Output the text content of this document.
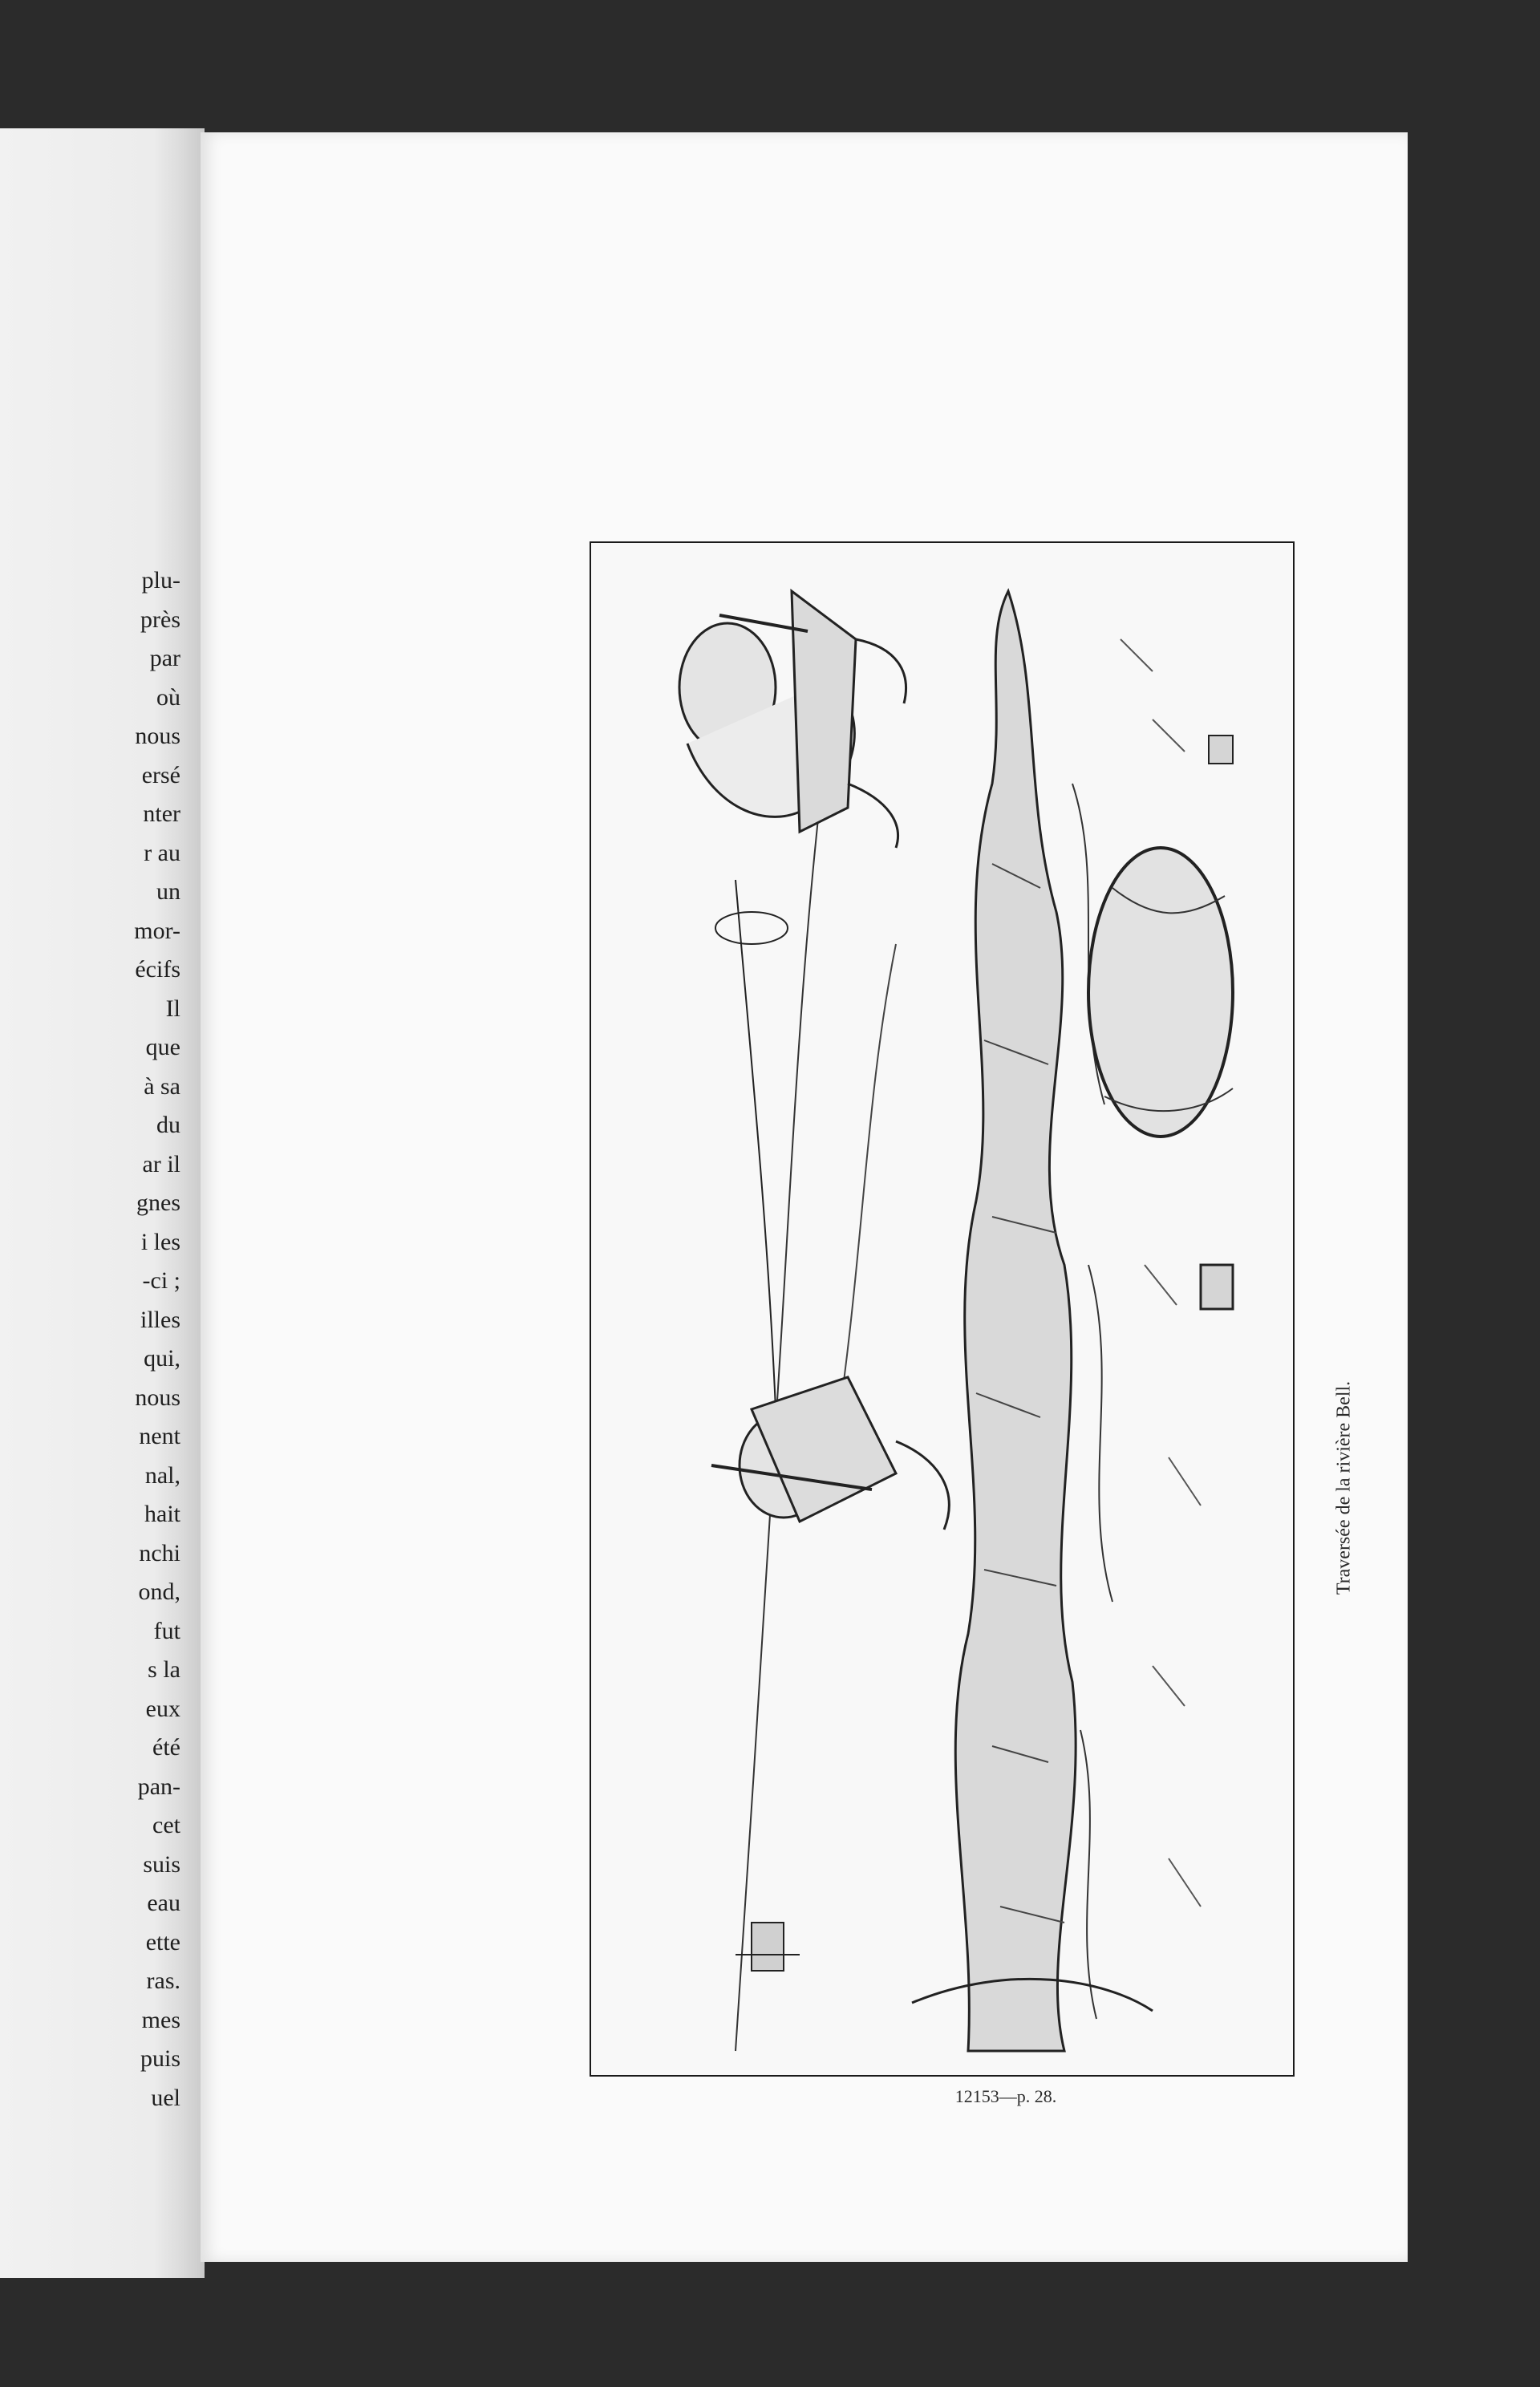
plu-
près
par
où
nous
ersé
nter
r au
un
mor-
écifs
Il
que
à sa
du
ar il
gnes
i les
-ci ;
illes
qui,
nous
nent
nal,
hait
nchi
ond,
fut
s la
eux
été
pan-
cet
suis
eau
ette
ras.
mes
puis
uel
Traversée de la rivière Bell.
12153—p. 28.
